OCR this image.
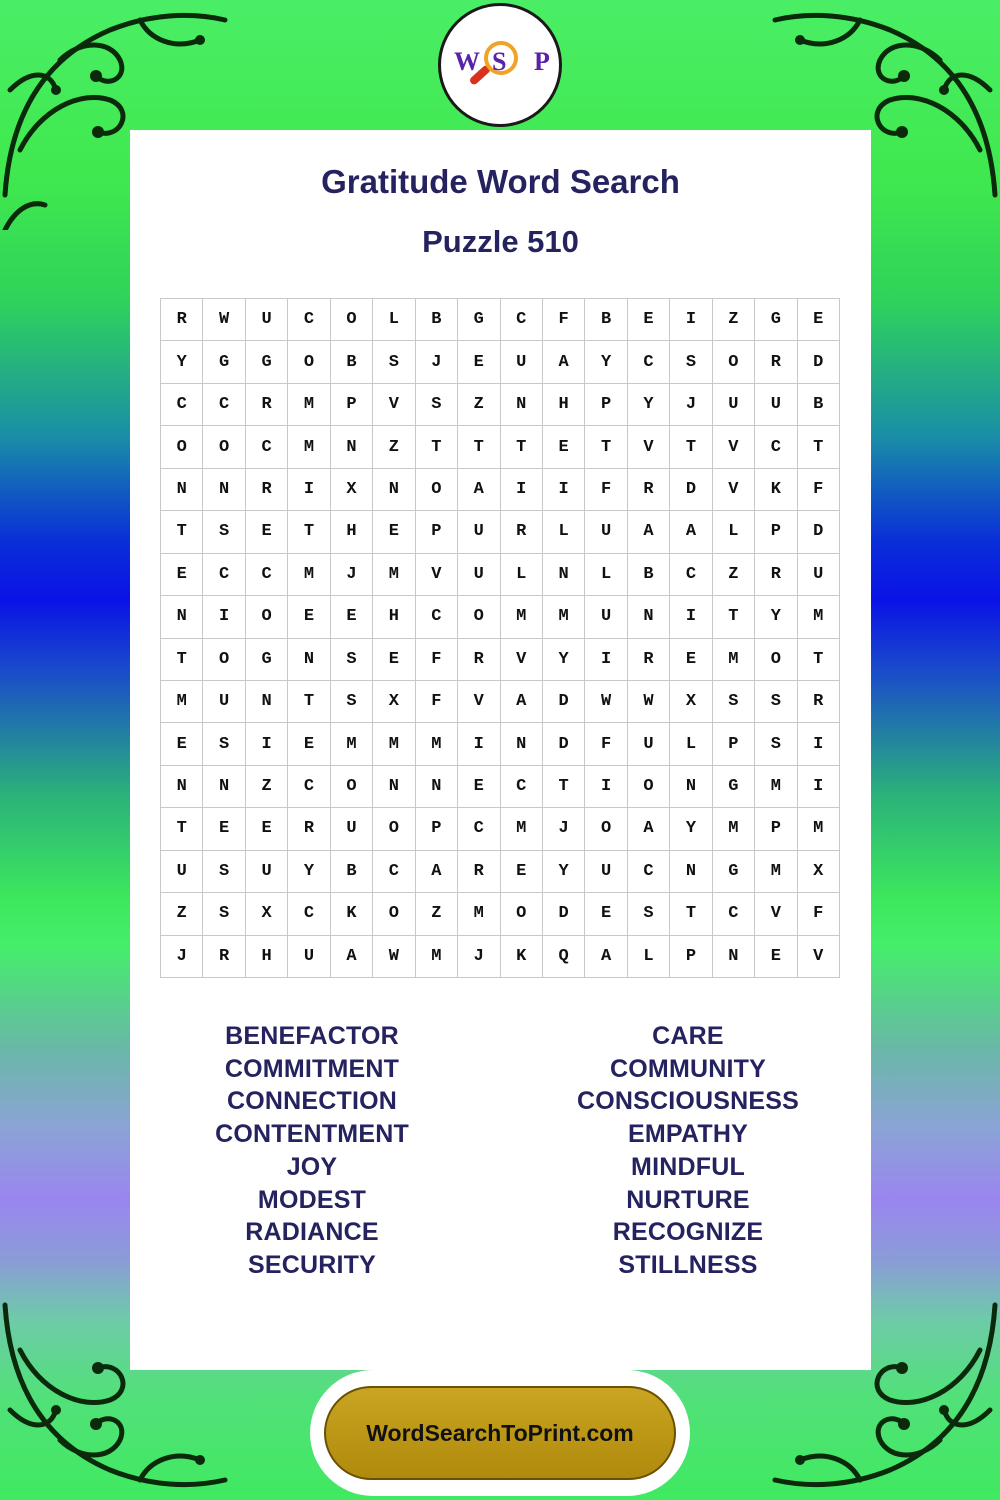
W S P
Gratitude Word Search
Puzzle 510
R	W	U	C	O	L	B	G	C	F	B	E	I	Z	G	E
Y	G	G	O	B	S	J	E	U	A	Y	C	S	O	R	D
C	C	R	M	P	V	S	Z	N	H	P	Y	J	U	U	B
O	O	C	M	N	Z	T	T	T	E	T	V	T	V	C	T
N	N	R	I	X	N	O	A	I	I	F	R	D	V	K	F
T	S	E	T	H	E	P	U	R	L	U	A	A	L	P	D
E	C	C	M	J	M	V	U	L	N	L	B	C	Z	R	U
N	I	O	E	E	H	C	O	M	M	U	N	I	T	Y	M
T	O	G	N	S	E	F	R	V	Y	I	R	E	M	O	T
M	U	N	T	S	X	F	V	A	D	W	W	X	S	S	R
E	S	I	E	M	M	M	I	N	D	F	U	L	P	S	I
N	N	Z	C	O	N	N	E	C	T	I	O	N	G	M	I
T	E	E	R	U	O	P	C	M	J	O	A	Y	M	P	M
U	S	U	Y	B	C	A	R	E	Y	U	C	N	G	M	X
Z	S	X	C	K	O	Z	M	O	D	E	S	T	C	V	F
J	R	H	U	A	W	M	J	K	Q	A	L	P	N	E	V
BENEFACTOR
COMMITMENT
CONNECTION
CONTENTMENT
JOY
MODEST
RADIANCE
SECURITY
CARE
COMMUNITY
CONSCIOUSNESS
EMPATHY
MINDFUL
NURTURE
RECOGNIZE
STILLNESS
WordSearchToPrint.com
